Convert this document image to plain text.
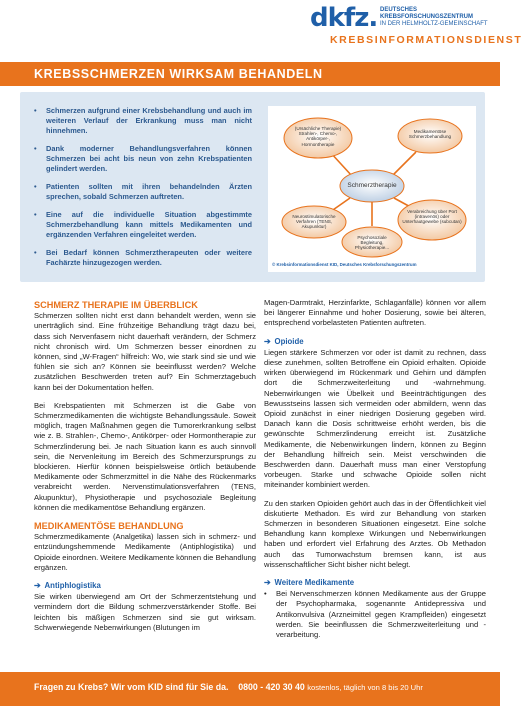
dkfz. DEUTSCHES
KREBSFORSCHUNGSZENTRUM
IN DER HELMHOLTZ-GEMEINSCHAFT
KREBSINFORMATIONSDIENST
KREBSSCHMERZEN WIRKSAM BEHANDELN
• Schmerzen aufgrund einer Krebsbehandlung und auch im weiteren Verlauf der Erkrankung muss man nicht hinnehmen.
• Dank moderner Behandlungsverfahren können Schmerzen bei acht bis neun von zehn Krebspatienten gelindert werden.
• Patienten sollten mit ihren behandelnden Ärzten sprechen, sobald Schmerzen auftreten.
• Eine auf die individuelle Situation abgestimmte Schmerzbehandlung kann mittels Medikamenten und ergänzenden Verfahren eingeleitet werden.
• Bei Bedarf können Schmerztherapeuten oder weitere Fachärzte hinzugezogen werden.
(Ursächliche Therapie) Strahlen-, Chemo-, Antikörper-, Hormontherapie
Medikamentöse Schmerzbehandlung
Schmerztherapie
Neurostimulatorische Verfahren (TENS, Akupunktur)
Verabreichung über Port (intravenös) oder Unterhautgewebe (subcutan)
Psychosoziale Begleitung, Physiotherapie...
© Krebsinformationsdienst KID, Deutsches Krebsforschungszentrum
SCHMERZ THERAPIE IM ÜBERBLICK

Schmerzen sollten nicht erst dann behandelt werden, wenn sie unerträglich sind. Eine frühzeitige Behandlung trägt dazu bei, dass sich Nervenfasern nicht dauerhaft verändern, der Schmerz nicht chronisch wird. Um Schmerzen besser einordnen zu können, sind „W-Fragen“ hilfreich: Wo, wie stark sind sie und wie fühlen sie sich an? Können sie beeinflusst werden? Welche zusätzlichen Beschwerden treten auf? Ein Schmerztagebuch kann bei der Dokumentation helfen.

Bei Krebspatienten mit Schmerzen ist die Gabe von Schmerzmedikamenten die wichtigste Behandlungssäule. Soweit möglich, tragen Maßnahmen gegen die Tumorerkrankung selbst wie z. B. Strahlen-, Chemo-, Antikörper- oder Hormontherapie zur Schmerzlinderung bei. Je nach Situation kann es auch sinnvoll sein, die Nervenleitung im Bereich des Schmerzursprungs zu blockieren. Hierfür können beispielsweise örtlich betäubende Medikamente oder Schmerzmittel in die Nähe des Rückenmarks verabreicht werden. Nervenstimulationsverfahren (TENS, Akupunktur), Physiotherapie und psychosoziale Begleitung können die medikamentöse Behandlung ergänzen.

MEDIKAMENTÖSE BEHANDLUNG

Schmerzmedikamente (Analgetika) lassen sich in schmerz- und entzündungshemmende Medikamente (Antiphlogistika) und Opioide einordnen. Weitere Medikamente können die Behandlung ergänzen.

➔ Antiphlogistika

Sie wirken überwiegend am Ort der Schmerzentstehung und vermindern dort die Bildung schmerzverstärkender Stoffe. Bei leichten bis mäßigen Schmerzen sind sie gut wirksam. Schwerwiegende Nebenwirkungen (Blutungen im

Magen-Darmtrakt, Herzinfarkte, Schlaganfälle) können vor allem bei längerer Einnahme und hoher Dosierung, sowie bei älteren, entsprechend vorbelasteten Patienten auftreten.

➔ Opioide

Liegen stärkere Schmerzen vor oder ist damit zu rechnen, dass diese zunehmen, sollten Betroffene ein Opioid erhalten. Opioide wirken überwiegend im Rückenmark und Gehirn und dämpfen dort die Schmerzweiterleitung und -wahrnehmung. Nebenwirkungen wie Übelkeit und Beeinträchtigungen des Bewusstseins lassen sich vermeiden oder abmildern, wenn das Opioid zunächst in einer niedrigen Dosierung gegeben wird. Danach kann die Dosis schrittweise erhöht werden, bis die gewünschte Schmerzlinderung erreicht ist. Zusätzliche Medikamente, die Nebenwirkungen lindern, können zu Beginn der Behandlung hilfreich sein. Meist verschwinden die Beschwerden dann. Dauerhaft muss man einer Verstopfung vorbeugen. Starke und schwache Opioide sollen nicht miteinander kombiniert werden.

Zu den starken Opioiden gehört auch das in der Öffentlichkeit viel diskutierte Methadon. Es wird zur Behandlung von starken Schmerzen in besonderen Situationen eingesetzt. Eine solche Behandlung kann komplexe Wirkungen und Nebenwirkungen haben und erfordert viel Erfahrung des Arztes. Ob Methadon auch das Tumorwachstum bremsen kann, ist aus wissenschaftlicher Sicht bisher nicht belegt.

➔ Weitere Medikamente
• Bei Nervenschmerzen können Medikamente aus der Gruppe der Psychopharmaka, sogenannte Antidepressiva und Antikonvulsiva (Arzneimittel gegen Krampfleiden) eingesetzt werden. Sie beeinflussen die Schmerzweiterleitung und -verarbeitung.
Fragen zu Krebs? Wir vom KID sind für Sie da. 0800 - 420 30 40 kostenlos, täglich von 8 bis 20 Uhr
